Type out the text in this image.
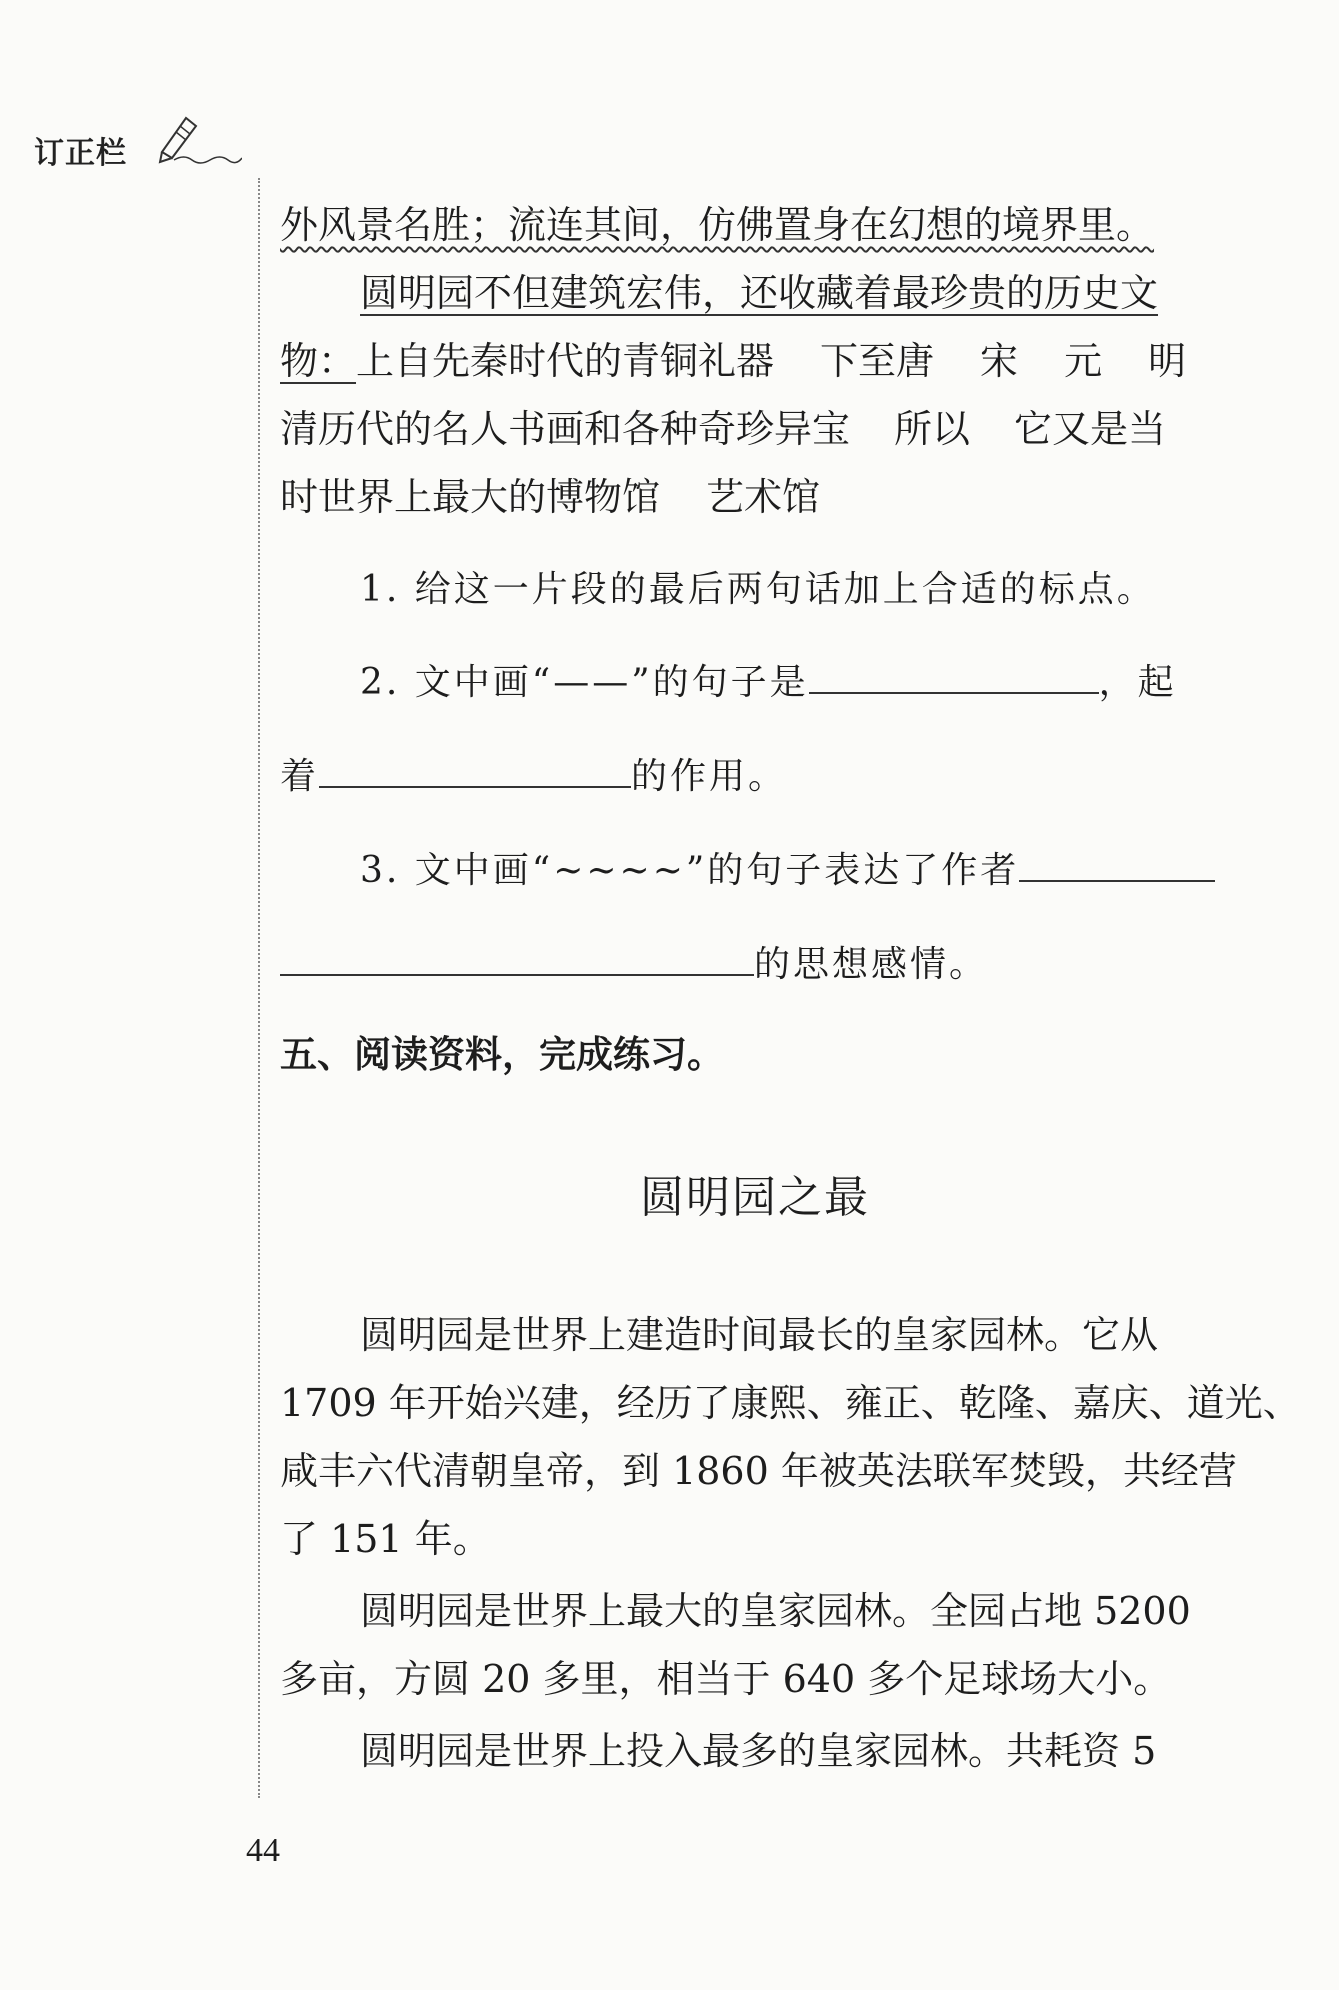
订正栏
外风景名胜；流连其间，仿佛置身在幻想的境界里。
圆明园不但建筑宏伟，还收藏着最珍贵的历史文
物：上自先秦时代的青铜礼器 下至唐 宋 元 明
清历代的名人书画和各种奇珍异宝 所以 它又是当
时世界上最大的博物馆 艺术馆
1. 给这一片段的最后两句话加上合适的标点。
2. 文中画“——”的句子是	，起
着	的作用。
3. 文中画“~~~~”的句子表达了作者
的思想感情。
五、阅读资料，完成练习。
圆明园之最
圆明园是世界上建造时间最长的皇家园林。它从
1709 年开始兴建，经历了康熙、雍正、乾隆、嘉庆、道光、
咸丰六代清朝皇帝，到 1860 年被英法联军焚毁，共经营
了 151 年。
圆明园是世界上最大的皇家园林。全园占地 5200
多亩，方圆 20 多里，相当于 640 多个足球场大小。
圆明园是世界上投入最多的皇家园林。共耗资 5
44
